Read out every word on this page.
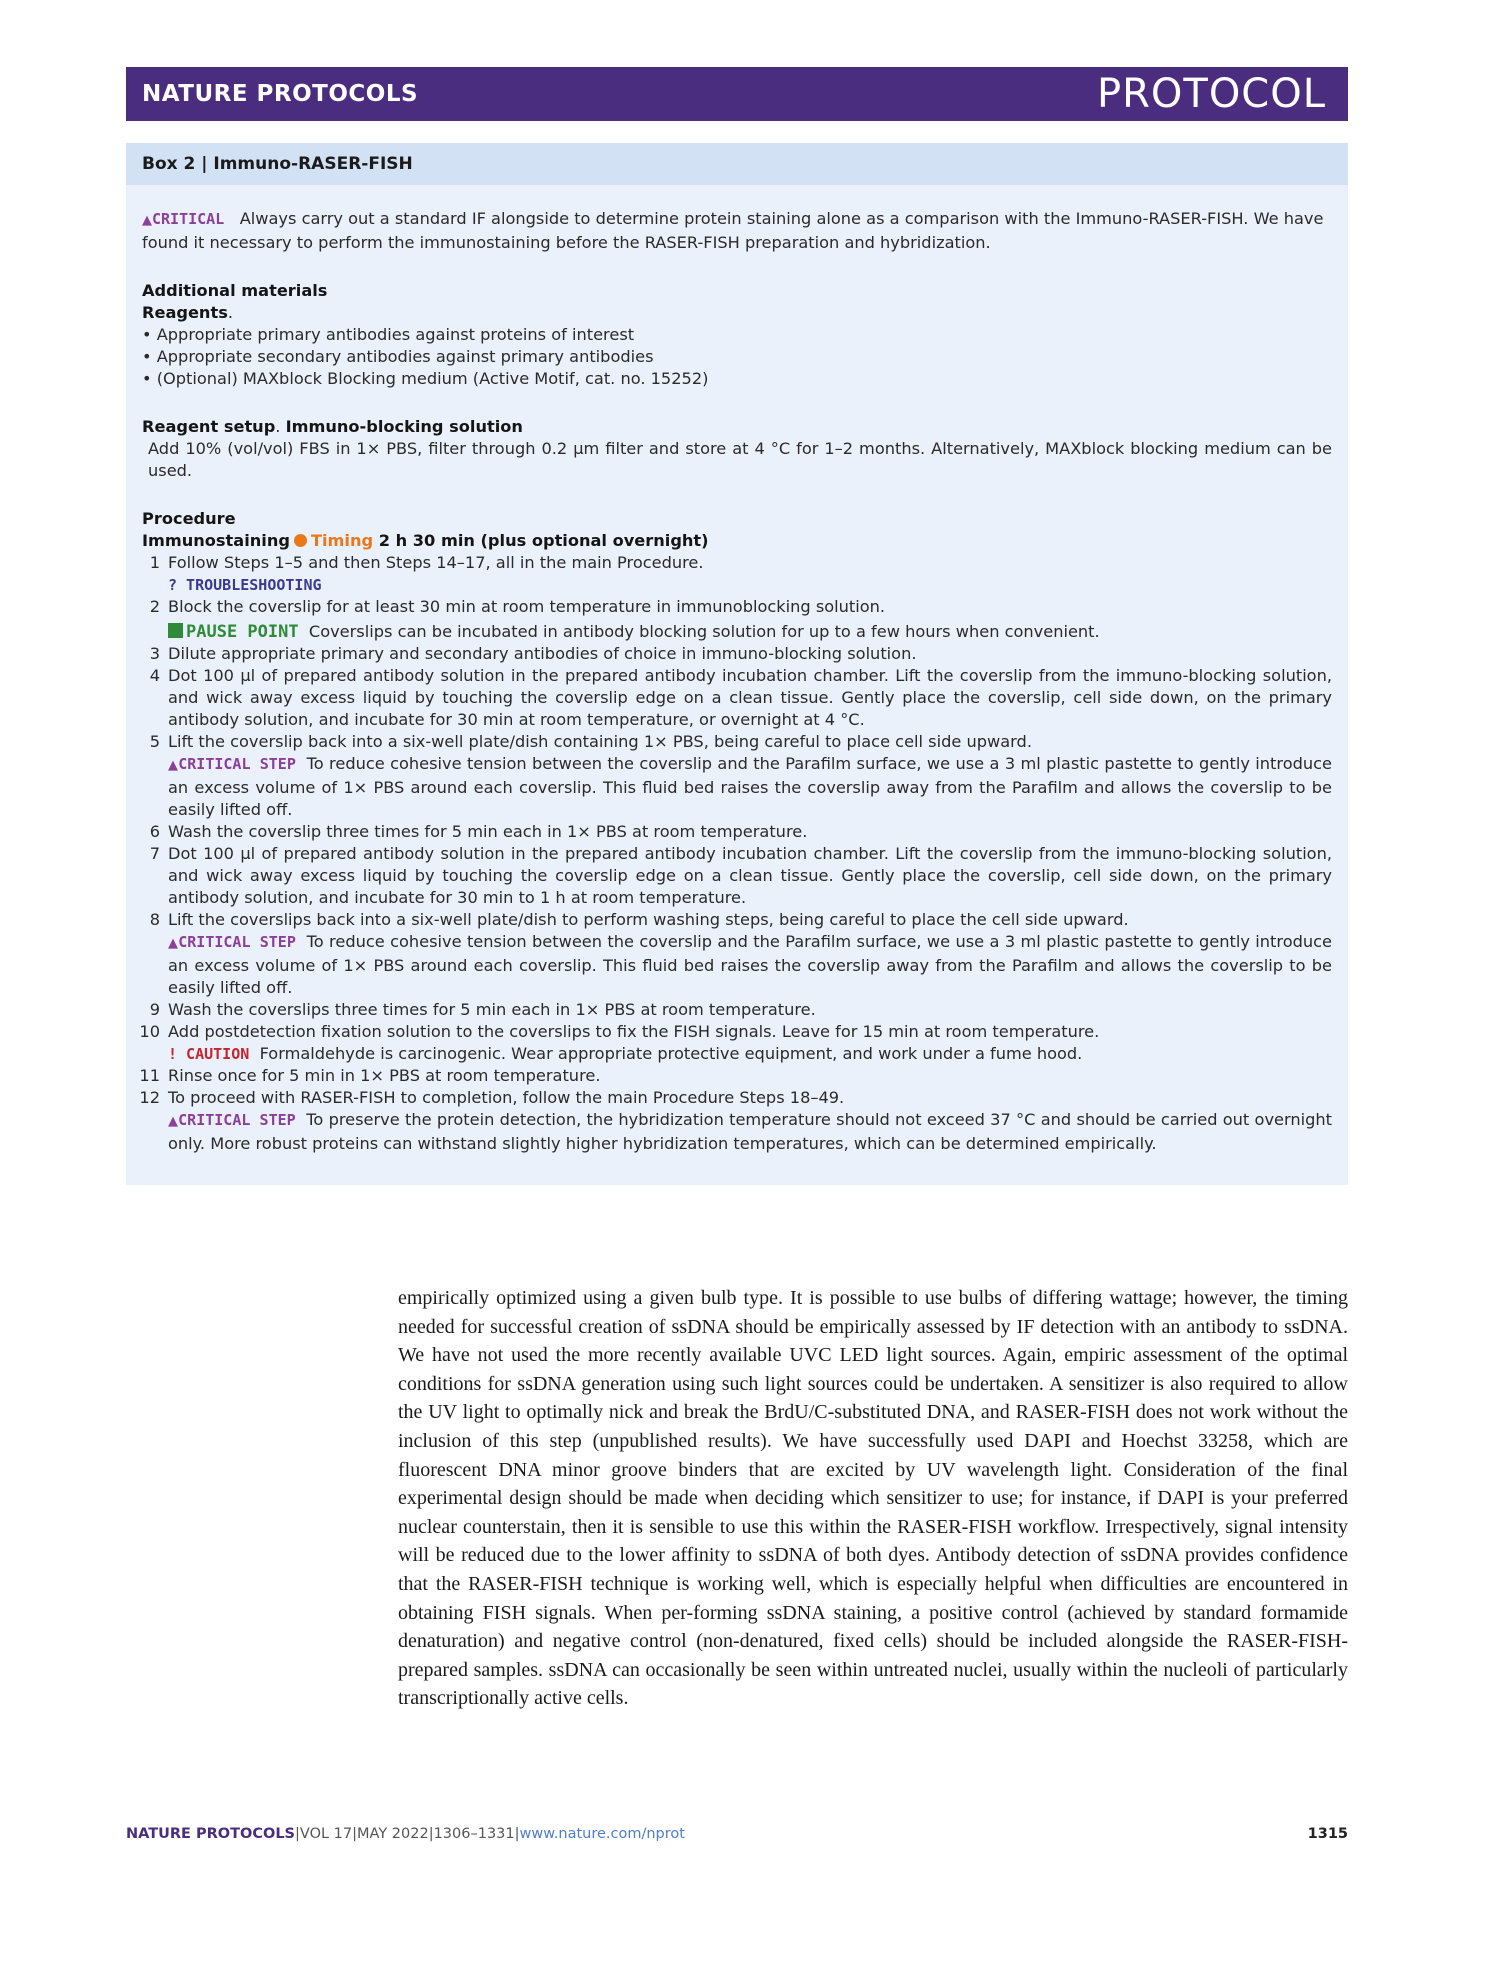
NATURE PROTOCOLS	PROTOCOL
Box 2 | Immuno-RASER-FISH

▲CRITICAL Always carry out a standard IF alongside to determine protein staining alone as a comparison with the Immuno-RASER-FISH. We have found it necessary to perform the immunostaining before the RASER-FISH preparation and hybridization.

Additional materials

Reagents.

• Appropriate primary antibodies against proteins of interest

• Appropriate secondary antibodies against primary antibodies

• (Optional) MAXblock Blocking medium (Active Motif, cat. no. 15252)

Reagent setup. Immuno-blocking solution

Add 10% (vol/vol) FBS in 1× PBS, filter through 0.2 µm filter and store at 4 °C for 1–2 months. Alternatively, MAXblock blocking medium can be used.

Procedure

Immunostaining Timing 2 h 30 min (plus optional overnight)

1 Follow Steps 1–5 and then Steps 14–17, all in the main Procedure.

? TROUBLESHOOTING

2 Block the coverslip for at least 30 min at room temperature in immunoblocking solution.

PAUSE POINT Coverslips can be incubated in antibody blocking solution for up to a few hours when convenient.

3 Dilute appropriate primary and secondary antibodies of choice in immuno-blocking solution.
4 Dot 100 µl of prepared antibody solution in the prepared antibody incubation chamber. Lift the coverslip from the immuno-blocking solution, and wick away excess liquid by touching the coverslip edge on a clean tissue. Gently place the coverslip, cell side down, on the primary antibody solution, and incubate for 30 min at room temperature, or overnight at 4 °C.
5 Lift the coverslip back into a six-well plate/dish containing 1× PBS, being careful to place cell side upward.

▲CRITICAL STEP To reduce cohesive tension between the coverslip and the Parafilm surface, we use a 3 ml plastic pastette to gently introduce an excess volume of 1× PBS around each coverslip. This fluid bed raises the coverslip away from the Parafilm and allows the coverslip to be easily lifted off.

6 Wash the coverslip three times for 5 min each in 1× PBS at room temperature.
7 Dot 100 µl of prepared antibody solution in the prepared antibody incubation chamber. Lift the coverslip from the immuno-blocking solution, and wick away excess liquid by touching the coverslip edge on a clean tissue. Gently place the coverslip, cell side down, on the primary antibody solution, and incubate for 30 min to 1 h at room temperature.
8 Lift the coverslips back into a six-well plate/dish to perform washing steps, being careful to place the cell side upward.

▲CRITICAL STEP To reduce cohesive tension between the coverslip and the Parafilm surface, we use a 3 ml plastic pastette to gently introduce an excess volume of 1× PBS around each coverslip. This fluid bed raises the coverslip away from the Parafilm and allows the coverslip to be easily lifted off.

9 Wash the coverslips three times for 5 min each in 1× PBS at room temperature.
10 Add postdetection fixation solution to the coverslips to fix the FISH signals. Leave for 15 min at room temperature.

! CAUTION Formaldehyde is carcinogenic. Wear appropriate protective equipment, and work under a fume hood.

11 Rinse once for 5 min in 1× PBS at room temperature.
12 To proceed with RASER-FISH to completion, follow the main Procedure Steps 18–49.

▲CRITICAL STEP To preserve the protein detection, the hybridization temperature should not exceed 37 °C and should be carried out overnight only. More robust proteins can withstand slightly higher hybridization temperatures, which can be determined empirically.

empirically optimized using a given bulb type. It is possible to use bulbs of differing wattage; however, the timing needed for successful creation of ssDNA should be empirically assessed by IF detection with an antibody to ssDNA. We have not used the more recently available UVC LED light sources. Again, empiric assessment of the optimal conditions for ssDNA generation using such light sources could be undertaken. A sensitizer is also required to allow the UV light to optimally nick and break the BrdU/C-substituted DNA, and RASER-FISH does not work without the inclusion of this step (unpublished results). We have successfully used DAPI and Hoechst 33258, which are fluorescent DNA minor groove binders that are excited by UV wavelength light. Consideration of the final experimental design should be made when deciding which sensitizer to use; for instance, if DAPI is your preferred nuclear counterstain, then it is sensible to use this within the RASER-FISH workflow. Irrespectively, signal intensity will be reduced due to the lower affinity to ssDNA of both dyes. Antibody detection of ssDNA provides confidence that the RASER-FISH technique is working well, which is especially helpful when difficulties are encountered in obtaining FISH signals. When per-forming ssDNA staining, a positive control (achieved by standard formamide denaturation) and negative control (non-denatured, fixed cells) should be included alongside the RASER-FISH-prepared samples. ssDNA can occasionally be seen within untreated nuclei, usually within the nucleoli of particularly transcriptionally active cells.
NATURE PROTOCOLS|VOL 17|MAY 2022|1306–1331|www.nature.com/nprot	1315
